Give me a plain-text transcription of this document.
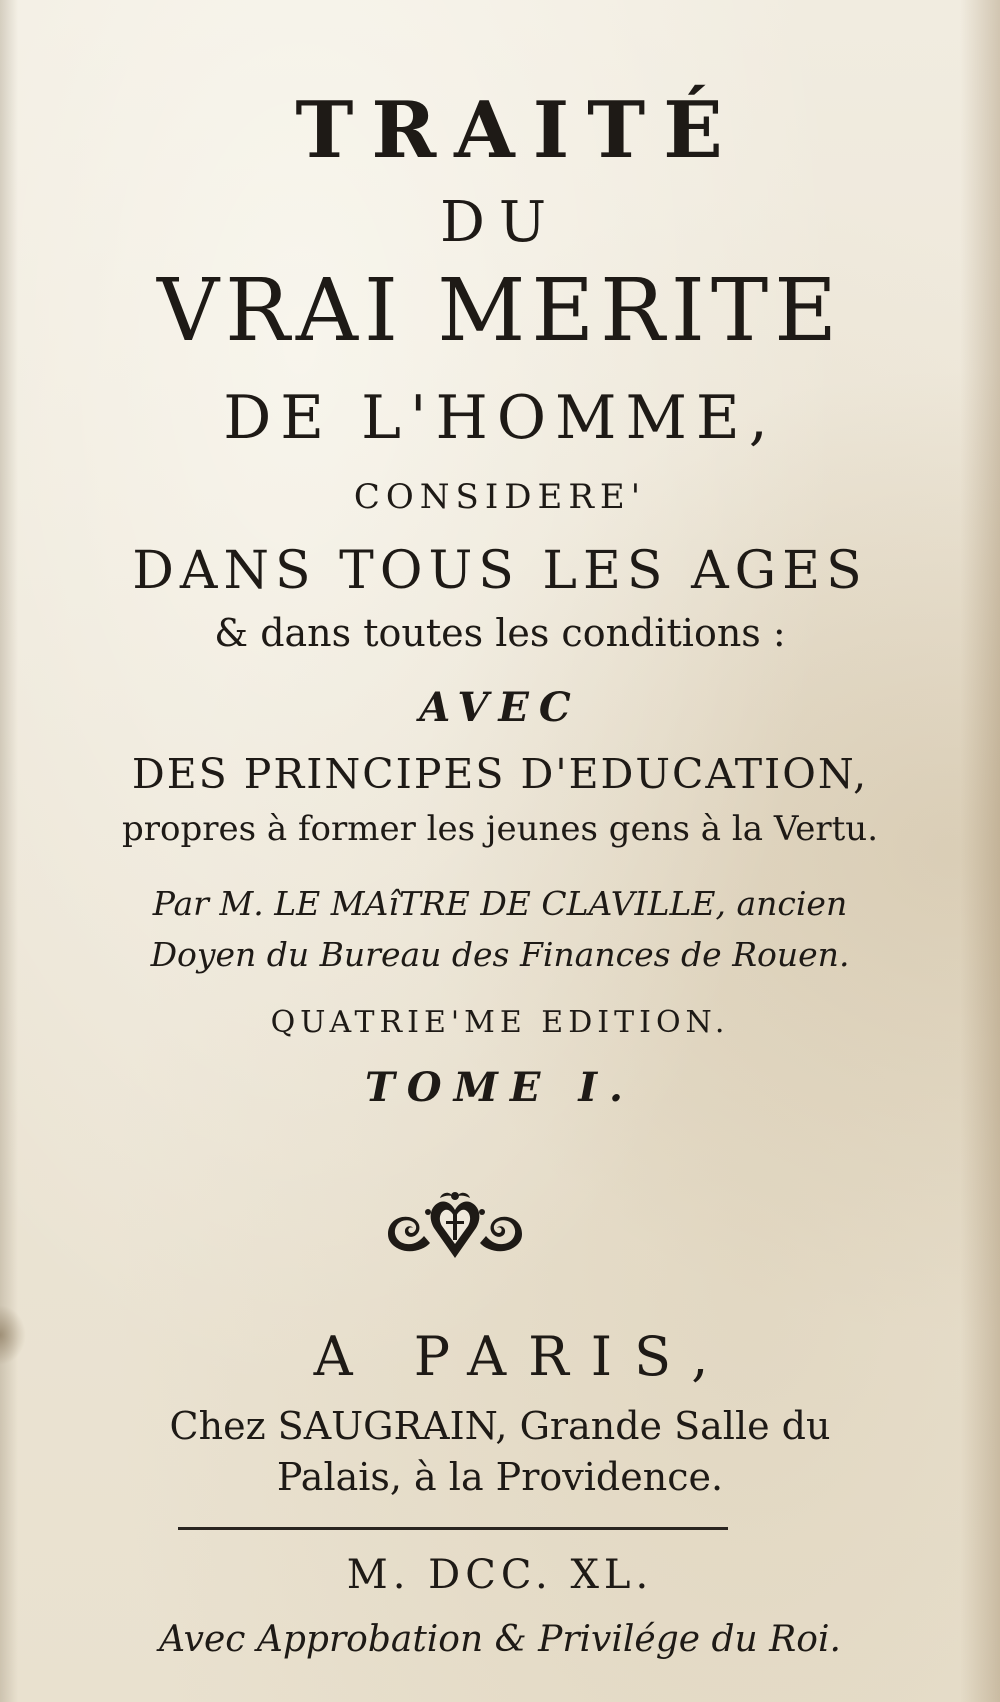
TRAITÉ
DU
VRAI MERITE
DE L'HOMME,
CONSIDERE'
DANS TOUS LES AGES
& dans toutes les conditions :
AVEC
DES PRINCIPES D'EDUCATION,
propres à former les jeunes gens à la Vertu.
Par M. LE MAîTRE DE CLAVILLE, ancien
Doyen du Bureau des Finances de Rouen.
QUATRIE'ME EDITION.
TOME I.
A PARIS,
Chez SAUGRAIN, Grande Salle du
Palais, à la Providence.
M. DCC. XL.
Avec Approbation & Privilége du Roi.
